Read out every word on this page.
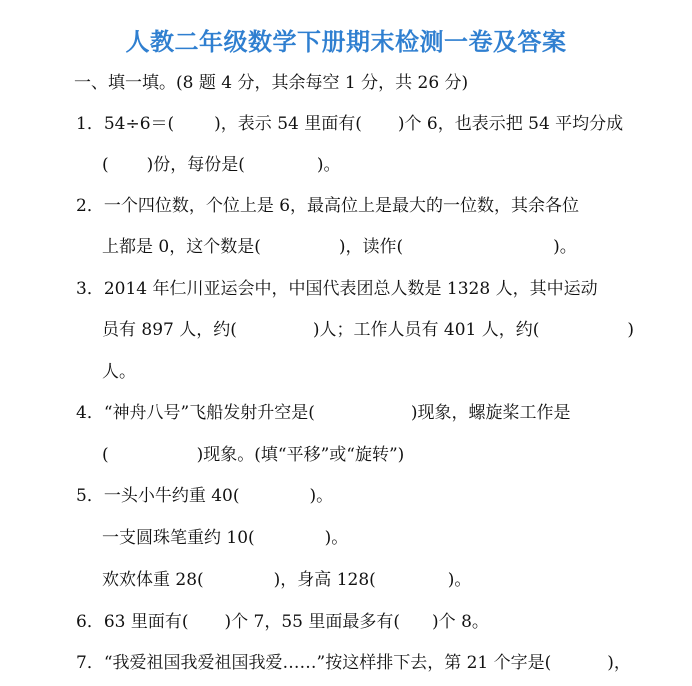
人教二年级数学下册期末检测一卷及答案
一、填一填。(8 题 4 分，其余每空 1 分，共 26 分)
1．54÷6＝( )，表示 54 里面有( )个 6，也表示把 54 平均分成
( )份，每份是(	)。
2．一个四位数，个位上是 6，最高位上是最大的一位数，其余各位
上都是 0，这个数是(	)，读作(	)。
3．2014 年仁川亚运会中，中国代表团总人数是 1328 人，其中运动
员有 897 人，约(	)人；工作人员有 401 人，约(	)
人。
4．“神舟八号”飞船发射升空是(	)现象，螺旋桨工作是
(	)现象。(填“平移”或“旋转”)
5．一头小牛约重 40(	)。
一支圆珠笔重约 10(	)。
欢欢体重 28(	)，身高 128(	)。
6．63 里面有( )个 7，55 里面最多有( )个 8。
7．“我爱祖国我爱祖国我爱……”按这样排下去，第 21 个字是(	)，
